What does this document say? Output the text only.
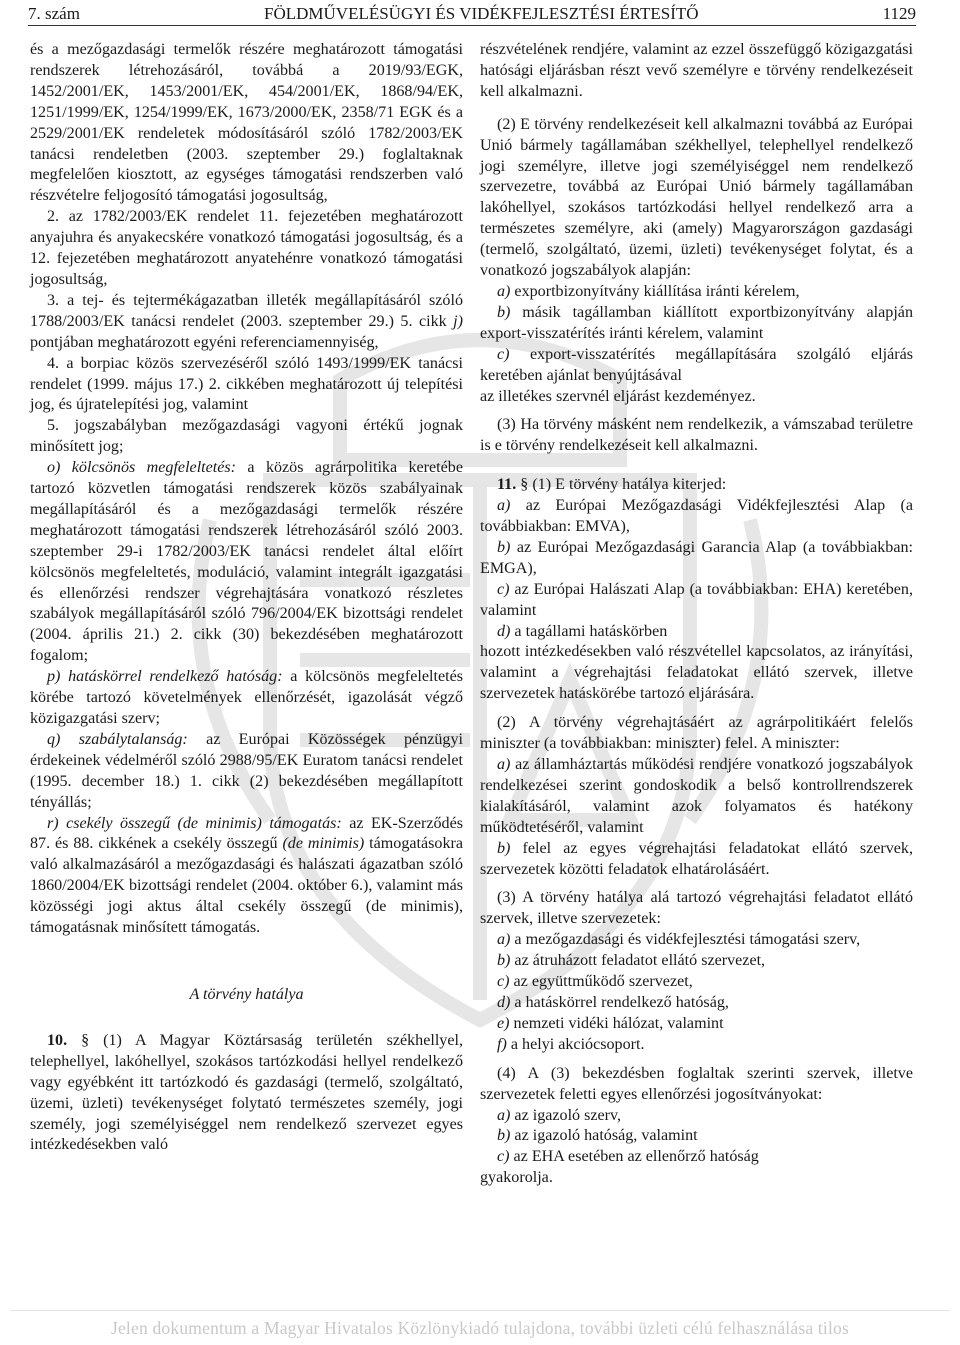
7. szám	FÖLDMŰVELÉSÜGYI ÉS VIDÉKFEJLESZTÉSI ÉRTESÍTŐ	1129

és a mezőgazdasági termelők részére meghatározott támogatási rendszerek létrehozásáról, továbbá a 2019/93/EGK, 1452/2001/EK, 1453/2001/EK, 454/2001/EK, 1868/94/EK, 1251/1999/EK, 1254/1999/EK, 1673/2000/EK, 2358/71 EGK és a 2529/2001/EK rendeletek módosításáról szóló 1782/2003/EK tanácsi rendeletben (2003. szeptember 29.) foglaltaknak megfelelően kiosztott, az egységes támogatási rendszerben való részvételre feljogosító támogatási jogosultság,

2. az 1782/2003/EK rendelet 11. fejezetében meghatározott anyajuhra és anyakecskére vonatkozó támogatási jogosultság, és a 12. fejezetében meghatározott anyatehénre vonatkozó támogatási jogosultság,

3. a tej- és tejtermékágazatban illeték megállapításáról szóló 1788/2003/EK tanácsi rendelet (2003. szeptember 29.) 5. cikk j) pontjában meghatározott egyéni referenciamennyiség,

4. a borpiac közös szervezéséről szóló 1493/1999/EK tanácsi rendelet (1999. május 17.) 2. cikkében meghatározott új telepítési jog, és újratelepítési jog, valamint

5. jogszabályban mezőgazdasági vagyoni értékű jognak minősített jog;

o) kölcsönös megfeleltetés: a közös agrárpolitika keretébe tartozó közvetlen támogatási rendszerek közös szabályainak megállapításáról és a mezőgazdasági termelők részére meghatározott támogatási rendszerek létrehozásáról szóló 2003. szeptember 29-i 1782/2003/EK tanácsi rendelet által előírt kölcsönös megfeleltetés, moduláció, valamint integrált igazgatási és ellenőrzési rendszer végrehajtására vonatkozó részletes szabályok megállapításáról szóló 796/2004/EK bizottsági rendelet (2004. április 21.) 2. cikk (30) bekezdésében meghatározott fogalom;

p) hatáskörrel rendelkező hatóság: a kölcsönös megfeleltetés körébe tartozó követelmények ellenőrzését, igazolását végző közigazgatási szerv;

q) szabálytalanság: az Európai Közösségek pénzügyi érdekeinek védelméről szóló 2988/95/EK Euratom tanácsi rendelet (1995. december 18.) 1. cikk (2) bekezdésében megállapított tényállás;

r) csekély összegű (de minimis) támogatás: az EK-Szerződés 87. és 88. cikkének a csekély összegű (de minimis) támogatásokra való alkalmazásáról a mezőgazdasági és halászati ágazatban szóló 1860/2004/EK bizottsági rendelet (2004. október 6.), valamint más közösségi jogi aktus által csekély összegű (de minimis), támogatásnak minősített támogatás.

A törvény hatálya

10. § (1) A Magyar Köztársaság területén székhellyel, telephellyel, lakóhellyel, szokásos tartózkodási hellyel rendelkező vagy egyébként itt tartózkodó és gazdasági (termelő, szolgáltató, üzemi, üzleti) tevékenységet folytató természetes személy, jogi személy, jogi személyiséggel nem rendelkező szervezet egyes intézkedésekben való

részvételének rendjére, valamint az ezzel összefüggő közigazgatási hatósági eljárásban részt vevő személyre e törvény rendelkezéseit kell alkalmazni.

(2) E törvény rendelkezéseit kell alkalmazni továbbá az Európai Unió bármely tagállamában székhellyel, telephellyel rendelkező jogi személyre, illetve jogi személyiséggel nem rendelkező szervezetre, továbbá az Európai Unió bármely tagállamában lakóhellyel, szokásos tartózkodási hellyel rendelkező arra a természetes személyre, aki (amely) Magyarországon gazdasági (termelő, szolgáltató, üzemi, üzleti) tevékenységet folytat, és a vonatkozó jogszabályok alapján:

a) exportbizonyítvány kiállítása iránti kérelem,

b) másik tagállamban kiállított exportbizonyítvány alapján export-visszatérítés iránti kérelem, valamint

c) export-visszatérítés megállapítására szolgáló eljárás keretében ajánlat benyújtásával

az illetékes szervnél eljárást kezdeményez.

(3) Ha törvény másként nem rendelkezik, a vámszabad területre is e törvény rendelkezéseit kell alkalmazni.

11. § (1) E törvény hatálya kiterjed:

a) az Európai Mezőgazdasági Vidékfejlesztési Alap (a továbbiakban: EMVA),

b) az Európai Mezőgazdasági Garancia Alap (a továbbiakban: EMGA),

c) az Európai Halászati Alap (a továbbiakban: EHA) keretében, valamint

d) a tagállami hatáskörben

hozott intézkedésekben való részvétellel kapcsolatos, az irányítási, valamint a végrehajtási feladatokat ellátó szervek, illetve szervezetek hatáskörébe tartozó eljárására.

(2) A törvény végrehajtásáért az agrárpolitikáért felelős miniszter (a továbbiakban: miniszter) felel. A miniszter:

a) az államháztartás működési rendjére vonatkozó jogszabályok rendelkezései szerint gondoskodik a belső kontrollrendszerek kialakításáról, valamint azok folyamatos és hatékony működtetéséről, valamint

b) felel az egyes végrehajtási feladatokat ellátó szervek, szervezetek közötti feladatok elhatárolásáért.

(3) A törvény hatálya alá tartozó végrehajtási feladatot ellátó szervek, illetve szervezetek:

a) a mezőgazdasági és vidékfejlesztési támogatási szerv,

b) az átruházott feladatot ellátó szervezet,

c) az együttműködő szervezet,

d) a hatáskörrel rendelkező hatóság,

e) nemzeti vidéki hálózat, valamint

f) a helyi akciócsoport.

(4) A (3) bekezdésben foglaltak szerinti szervek, illetve szervezetek feletti egyes ellenőrzési jogosítványokat:

a) az igazoló szerv,

b) az igazoló hatóság, valamint

c) az EHA esetében az ellenőrző hatóság

gyakorolja.

Jelen dokumentum a Magyar Hivatalos Közlönykiadó tulajdona, további üzleti célú felhasználása tilos
